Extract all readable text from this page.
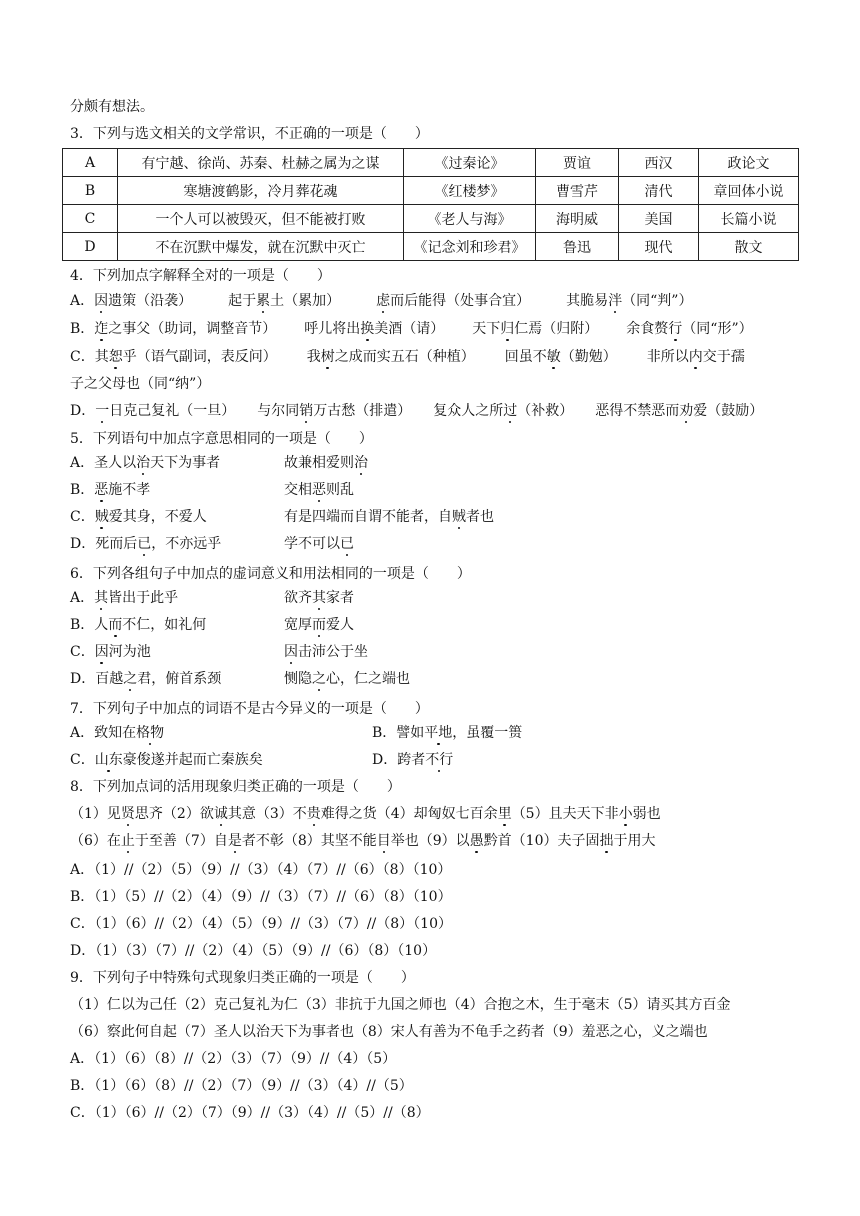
分颇有想法。
3．下列与选文相关的文学常识，不正确的一项是（　　）
A	有宁越、徐尚、苏秦、杜赫之属为之谋	《过秦论》	贾谊	西汉	政论文
B	寒塘渡鹤影，冷月葬花魂	《红楼梦》	曹雪芹	清代	章回体小说
C	一个人可以被毁灭，但不能被打败	《老人与海》	海明威	美国	长篇小说
D	不在沉默中爆发，就在沉默中灭亡	《记念刘和珍君》	鲁迅	现代	散文
4．下列加点字解释全对的一项是（　　）
A．因遗策（沿袭）	起于累土（累加）	虑而后能得（处事合宜）	其脆易泮（同“判”）
B．迮之事父（助词，调整音节） 呼儿将出换美酒（请） 天下归仁焉（归附） 余食赘行（同“形”）
C．其恕乎（语气副词，表反问） 我树之成而实五石（种植） 回虽不敏（勤勉） 非所以内交于孺
子之父母也（同“纳”）
D．一日克己复礼（一旦） 与尔同销万古愁（排遣） 复众人之所过（补救） 恶得不禁恶而劝爱（鼓励）
5．下列语句中加点字意思相同的一项是（　　）
A．圣人以治天下为事者	故兼相爱则治
B．恶施不孝	交相恶则乱
C．贼爱其身，不爱人	有是四端而自谓不能者，自贼者也
D．死而后已，不亦远乎	学不可以已
6．下列各组句子中加点的虚词意义和用法相同的一项是（　　）
A．其皆出于此乎	欲齐其家者
B．人而不仁，如礼何	宽厚而爱人
C．因河为池	因击沛公于坐
D．百越之君，俯首系颈	恻隐之心，仁之端也
7．下列句子中加点的词语不是古今异义的一项是（　　）
A．致知在格物	B．譬如平地，虽覆一篑
C．山东豪俊遂并起而亡秦族矣	D．跨者不行
8．下列加点词的活用现象归类正确的一项是（　　）
（1）见贤思齐（2）欲诚其意（3）不贵难得之货（4）却匈奴七百余里（5）且夫天下非小弱也
（6）在止于至善（7）自是者不彰（8）其坚不能目举也（9）以愚黔首（10）夫子固拙于用大
A．（1）//（2）（5）（9）//（3）（4）（7）//（6）（8）（10）
B．（1）（5）//（2）（4）（9）//（3）（7）//（6）（8）（10）
C．（1）（6）//（2）（4）（5）（9）//（3）（7）//（8）（10）
D．（1）（3）（7）//（2）（4）（5）（9）//（6）（8）（10）
9．下列句子中特殊句式现象归类正确的一项是（　　）
（1）仁以为己任（2）克己复礼为仁（3）非抗于九国之师也（4）合抱之木，生于毫末（5）请买其方百金
（6）察此何自起（7）圣人以治天下为事者也（8）宋人有善为不龟手之药者（9）羞恶之心，义之端也
A．（1）（6）（8）//（2）（3）（7）（9）//（4）（5）
B．（1）（6）（8）//（2）（7）（9）//（3）（4）//（5）
C．（1）（6）//（2）（7）（9）//（3）（4）//（5）//（8）
